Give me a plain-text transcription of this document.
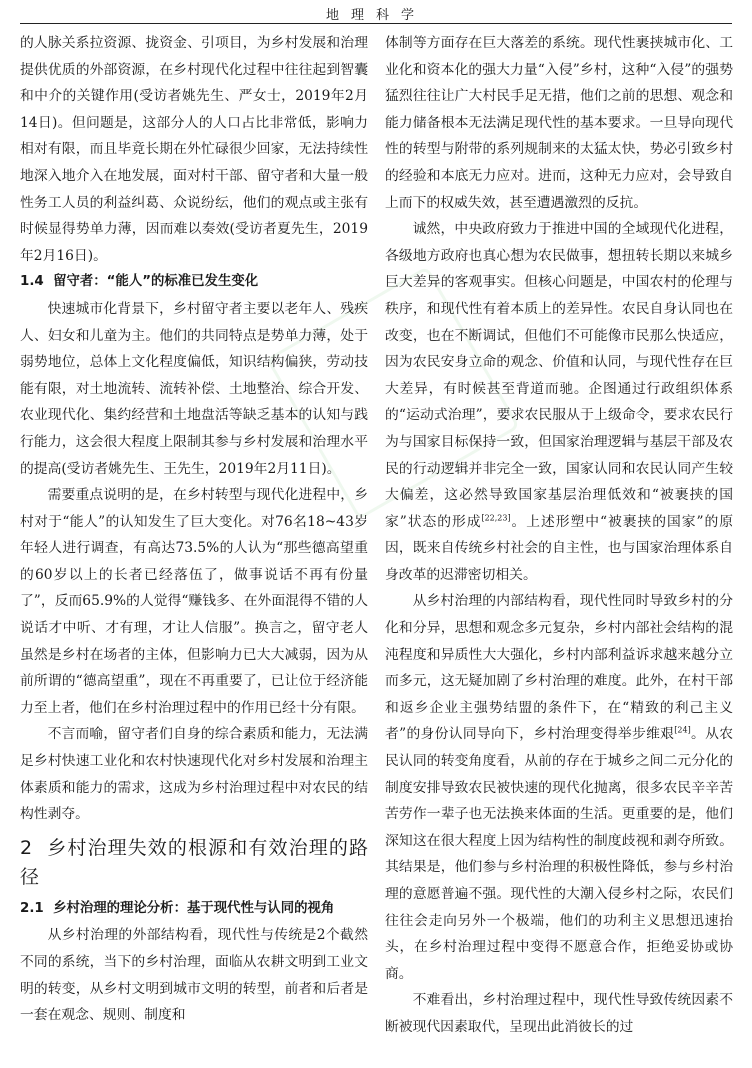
地理科学

的人脉关系拉资源、拢资金、引项目，为乡村发展和治理提供优质的外部资源，在乡村现代化过程中往往起到智囊和中介的关键作用(受访者姚先生、严女士，2019年2月14日)。但问题是，这部分人的人口占比非常低，影响力相对有限，而且毕竟长期在外忙碌很少回家，无法持续性地深入地介入在地发展，面对村干部、留守者和大量一般性务工人员的利益纠葛、众说纷纭，他们的观点或主张有时候显得势单力薄，因而难以奏效(受访者夏先生，2019年2月16日)。

1.4 留守者：“能人”的标准已发生变化

快速城市化背景下，乡村留守者主要以老年人、残疾人、妇女和儿童为主。他们的共同特点是势单力薄，处于弱势地位，总体上文化程度偏低，知识结构偏狭，劳动技能有限，对土地流转、流转补偿、土地整治、综合开发、农业现代化、集约经营和土地盘活等缺乏基本的认知与践行能力，这会很大程度上限制其参与乡村发展和治理水平的提高(受访者姚先生、王先生，2019年2月11日)。

需要重点说明的是，在乡村转型与现代化进程中，乡村对于“能人”的认知发生了巨大变化。对76名18~43岁年轻人进行调查，有高达73.5%的人认为“那些德高望重的60岁以上的长者已经落伍了，做事说话不再有份量了”，反而65.9%的人觉得“赚钱多、在外面混得不错的人说话才中听、才有理，才让人信服”。换言之，留守老人虽然是乡村在场者的主体，但影响力已大大减弱，因为从前所谓的“德高望重”，现在不再重要了，已让位于经济能力至上者，他们在乡村治理过程中的作用已经十分有限。

不言而喻，留守者们自身的综合素质和能力，无法满足乡村快速工业化和农村快速现代化对乡村发展和治理主体素质和能力的需求，这成为乡村治理过程中对农民的结构性剥夺。

2 乡村治理失效的根源和有效治理的路径

2.1 乡村治理的理论分析：基于现代性与认同的视角

从乡村治理的外部结构看，现代性与传统是2个截然不同的系统，当下的乡村治理，面临从农耕文明到工业文明的转变，从乡村文明到城市文明的转型，前者和后者是一套在观念、规则、制度和

体制等方面存在巨大落差的系统。现代性裹挟城市化、工业化和资本化的强大力量“入侵”乡村，这种“入侵”的强势猛烈往往让广大村民手足无措，他们之前的思想、观念和能力储备根本无法满足现代性的基本要求。一旦导向现代性的转型与附带的系列规制来的太猛太快，势必引致乡村的经验和本底无力应对。进而，这种无力应对，会导致自上而下的权威失效，甚至遭遇激烈的反抗。

诚然，中央政府致力于推进中国的全域现代化进程，各级地方政府也真心想为农民做事，想扭转长期以来城乡巨大差异的客观事实。但核心问题是，中国农村的伦理与秩序，和现代性有着本质上的差异性。农民自身认同也在改变，也在不断调试，但他们不可能像市民那么快适应，因为农民安身立命的观念、价值和认同，与现代性存在巨大差异，有时候甚至背道而驰。企图通过行政组织体系的“运动式治理”，要求农民服从于上级命令，要求农民行为与国家目标保持一致，但国家治理逻辑与基层干部及农民的行动逻辑并非完全一致，国家认同和农民认同产生较大偏差，这必然导致国家基层治理低效和“被裹挟的国家”状态的形成[22,23]。上述形塑中“被裹挟的国家”的原因，既来自传统乡村社会的自主性，也与国家治理体系自身改革的迟滞密切相关。

从乡村治理的内部结构看，现代性同时导致乡村的分化和分异，思想和观念多元复杂，乡村内部社会结构的混沌程度和异质性大大强化，乡村内部利益诉求越来越分立而多元，这无疑加剧了乡村治理的难度。此外，在村干部和返乡企业主强势结盟的条件下，在“精致的利己主义者”的身份认同导向下，乡村治理变得举步维艰[24]。从农民认同的转变角度看，从前的存在于城乡之间二元分化的制度安排导致农民被快速的现代化抛离，很多农民辛辛苦苦劳作一辈子也无法换来体面的生活。更重要的是，他们深知这在很大程度上因为结构性的制度歧视和剥夺所致。其结果是，他们参与乡村治理的积极性降低，参与乡村治理的意愿普遍不强。现代性的大潮入侵乡村之际，农民们往往会走向另外一个极端，他们的功利主义思想迅速抬头，在乡村治理过程中变得不愿意合作，拒绝妥协或协商。

不难看出，乡村治理过程中，现代性导致传统因素不断被现代因素取代，呈现出此消彼长的过
